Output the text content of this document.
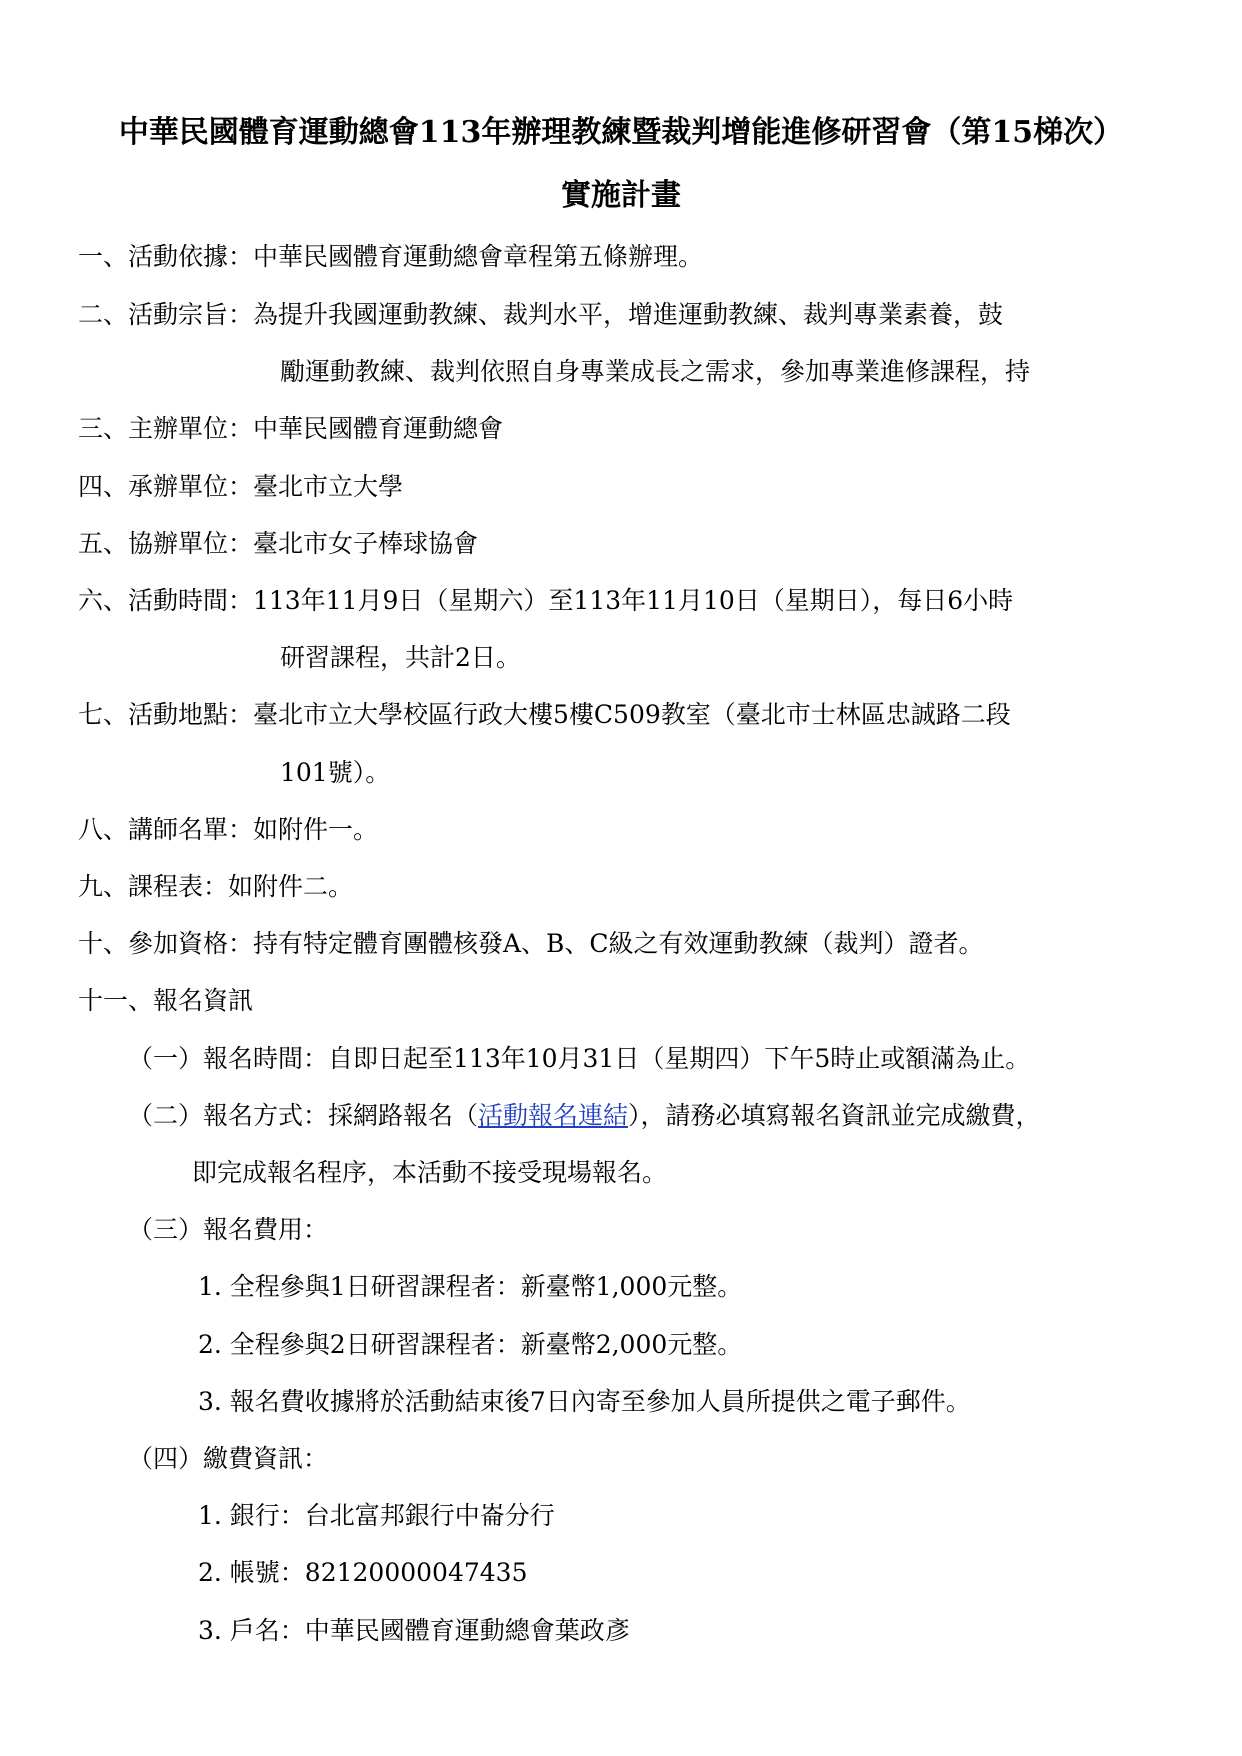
中華民國體育運動總會113年辦理教練暨裁判增能進修研習會（第15梯次）
實施計畫
一、活動依據：中華民國體育運動總會章程第五條辦理。
二、活動宗旨：為提升我國運動教練、裁判水平，增進運動教練、裁判專業素養，鼓
勵運動教練、裁判依照自身專業成長之需求，參加專業進修課程，持
三、主辦單位：中華民國體育運動總會
四、承辦單位：臺北市立大學
五、協辦單位：臺北市女子棒球協會
六、活動時間：113年11月9日（星期六）至113年11月10日（星期日），每日6小時
研習課程，共計2日。
七、活動地點：臺北市立大學校區行政大樓5樓C509教室（臺北市士林區忠誠路二段
101號）。
八、講師名單：如附件一。
九、課程表：如附件二。
十、參加資格：持有特定體育團體核發A、B、C級之有效運動教練（裁判）證者。
十一、報名資訊
（一）報名時間：自即日起至113年10月31日（星期四）下午5時止或額滿為止。
（二）報名方式：採網路報名（活動報名連結），請務必填寫報名資訊並完成繳費，
即完成報名程序，本活動不接受現場報名。
（三）報名費用：
1. 全程參與1日研習課程者：新臺幣1,000元整。
2. 全程參與2日研習課程者：新臺幣2,000元整。
3. 報名費收據將於活動結束後7日內寄至參加人員所提供之電子郵件。
（四）繳費資訊：
1. 銀行：台北富邦銀行中崙分行
2. 帳號：82120000047435
3. 戶名：中華民國體育運動總會葉政彥
